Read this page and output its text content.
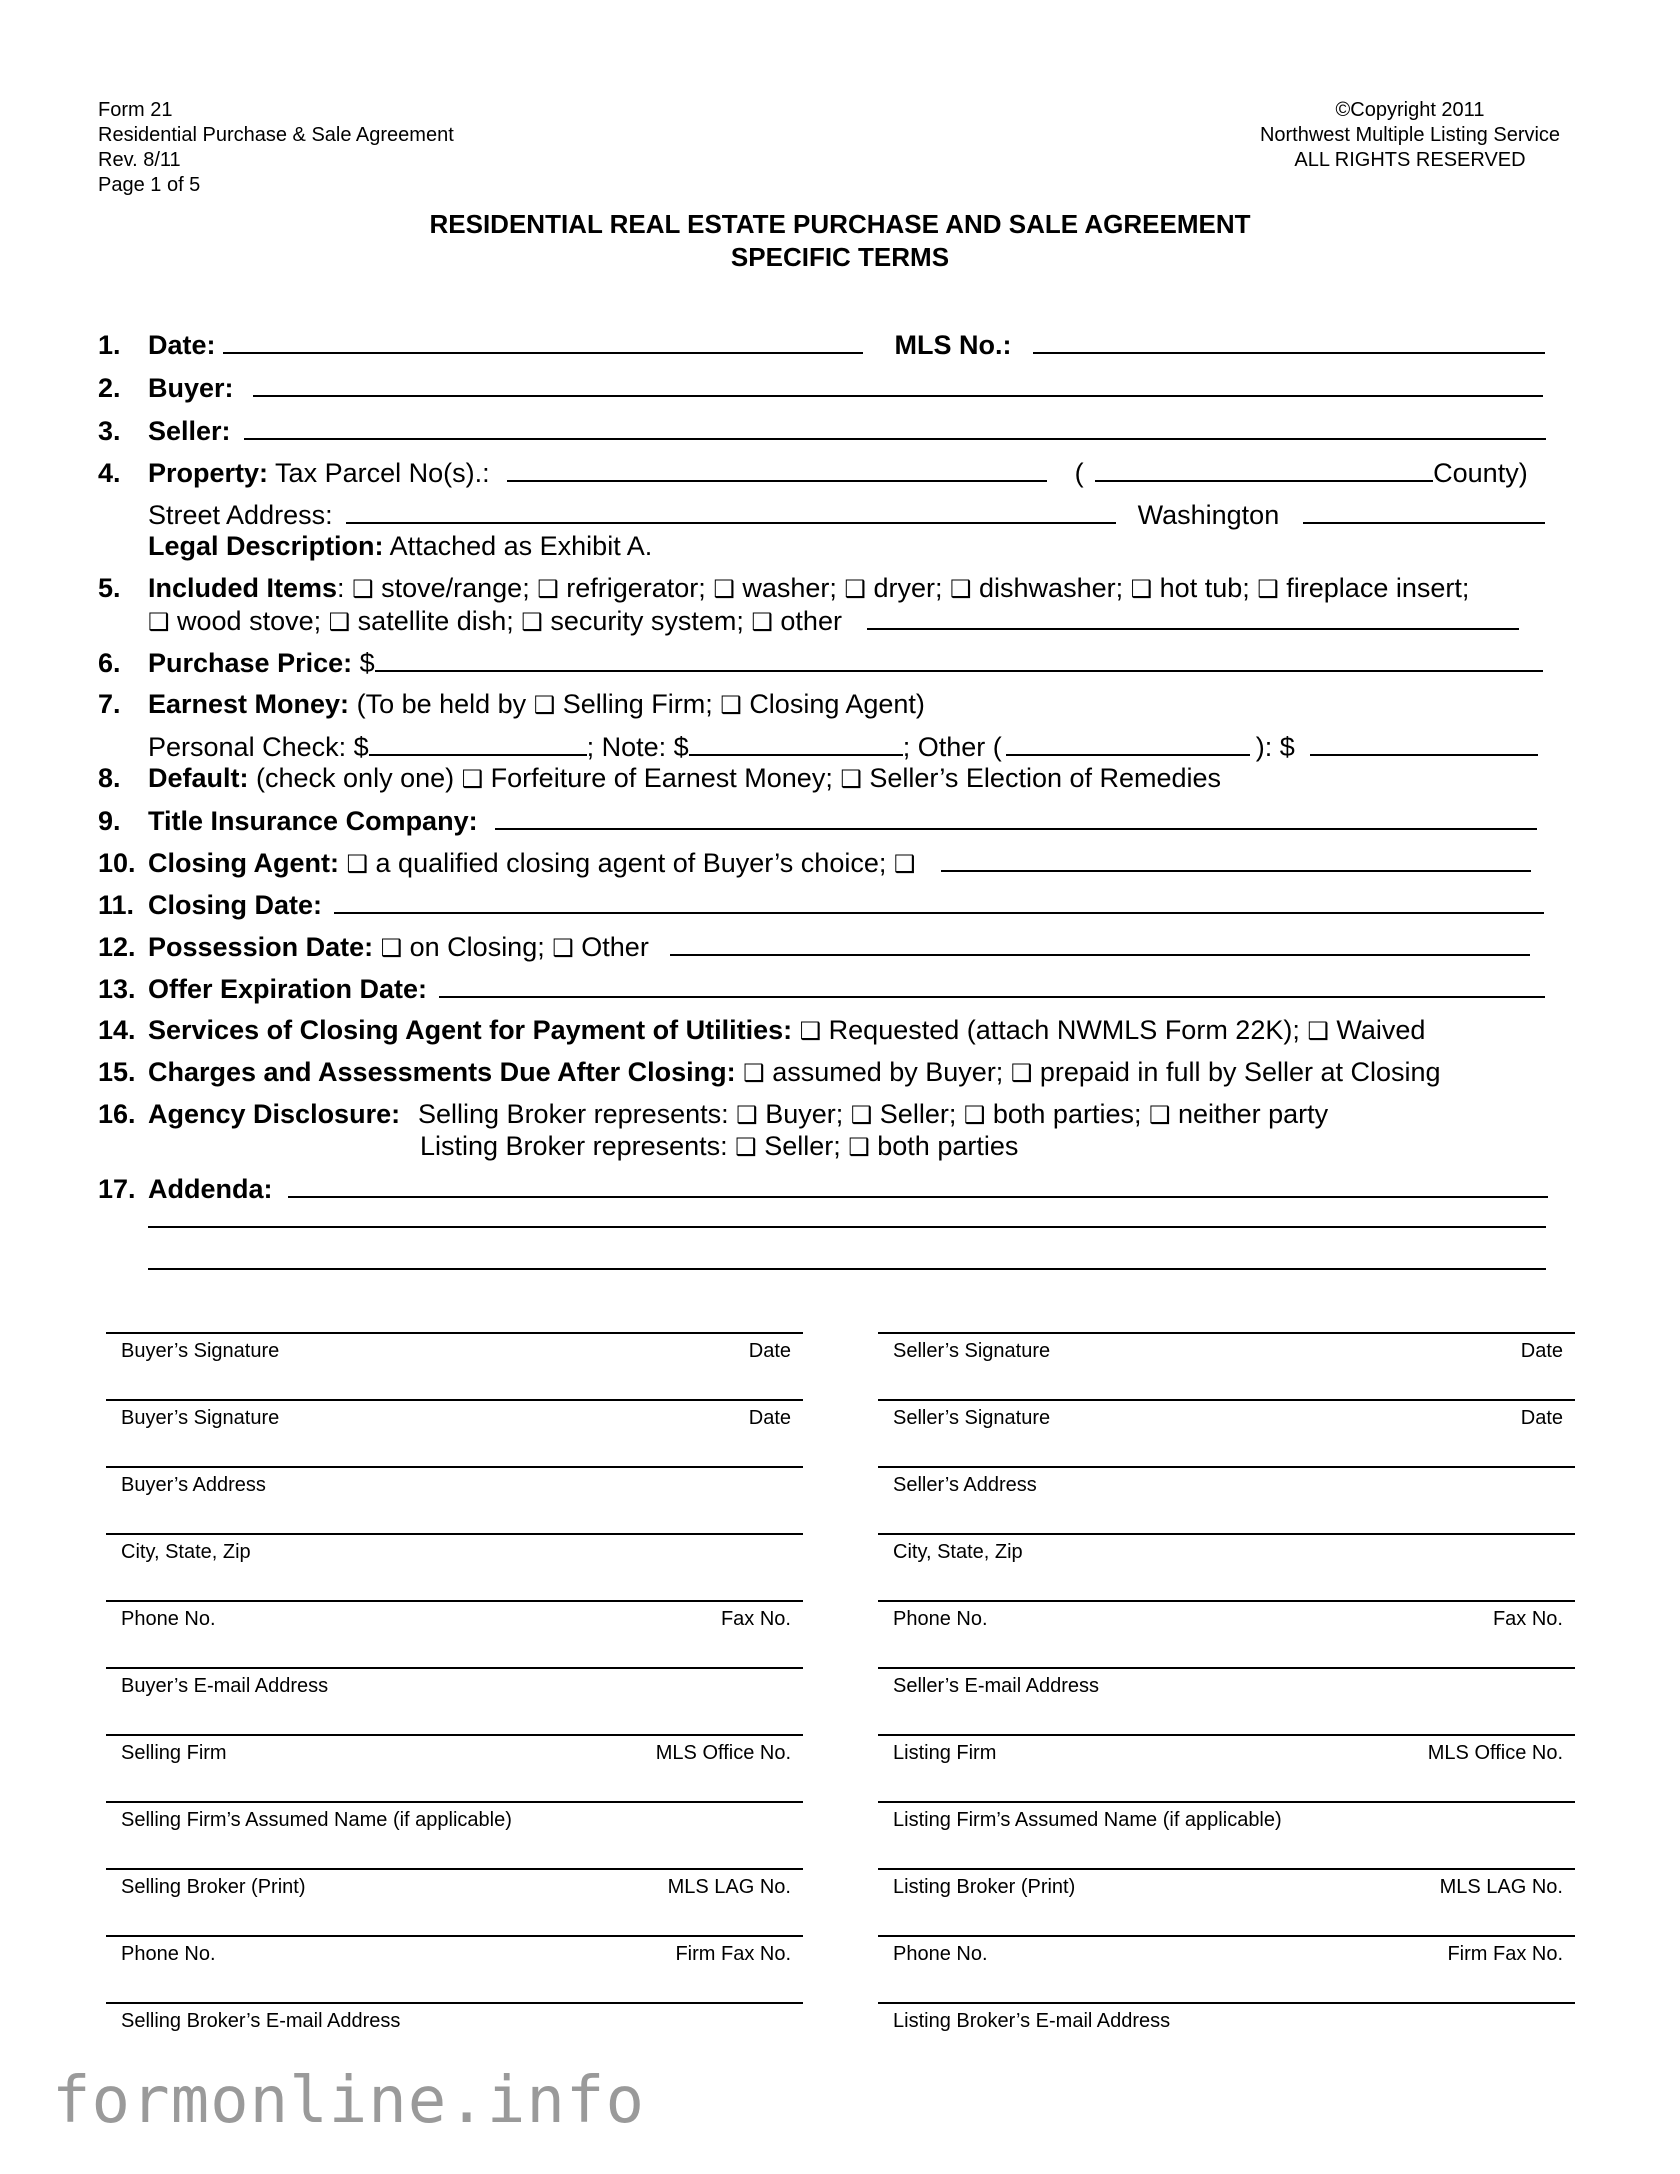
Form 21
Residential Purchase & Sale Agreement
Rev. 8/11
Page 1 of 5
©Copyright 2011
Northwest Multiple Listing Service
ALL RIGHTS RESERVED
RESIDENTIAL REAL ESTATE PURCHASE AND SALE AGREEMENT
SPECIFIC TERMS
1. Date:	MLS No.:
2. Buyer:
3. Seller:
4. Property: Tax Parcel No(s).:	(	County)
Street Address:	Washington
Legal Description: Attached as Exhibit A.
5. Included Items: ❑ stove/range; ❑ refrigerator; ❑ washer; ❑ dryer; ❑ dishwasher; ❑ hot tub; ❑ fireplace insert;
❑ wood stove; ❑ satellite dish; ❑ security system; ❑ other
6. Purchase Price: $
7. Earnest Money: (To be held by ❑ Selling Firm; ❑ Closing Agent)
Personal Check: $	; Note: $	; Other (	): $
8. Default: (check only one) ❑ Forfeiture of Earnest Money; ❑ Seller’s Election of Remedies
9. Title Insurance Company:
10. Closing Agent: ❑ a qualified closing agent of Buyer’s choice; ❑
11. Closing Date:
12. Possession Date: ❑ on Closing; ❑ Other
13. Offer Expiration Date:
14. Services of Closing Agent for Payment of Utilities: ❑ Requested (attach NWMLS Form 22K); ❑ Waived
15. Charges and Assessments Due After Closing: ❑ assumed by Buyer; ❑ prepaid in full by Seller at Closing
16. Agency Disclosure: Selling Broker represents: ❑ Buyer; ❑ Seller; ❑ both parties; ❑ neither party
Listing Broker represents: ❑ Seller; ❑ both parties
17. Addenda:
Buyer’s Signature	Date
Buyer’s Signature	Date
Buyer’s Address
City, State, Zip
Phone No.	Fax No.
Buyer’s E-mail Address
Selling Firm	MLS Office No.
Selling Firm’s Assumed Name (if applicable)
Selling Broker (Print)	MLS LAG No.
Phone No.	Firm Fax No.
Selling Broker’s E-mail Address
Seller’s Signature	Date
Seller’s Signature	Date
Seller’s Address
City, State, Zip
Phone No.	Fax No.
Seller’s E-mail Address
Listing Firm	MLS Office No.
Listing Firm’s Assumed Name (if applicable)
Listing Broker (Print)	MLS LAG No.
Phone No.	Firm Fax No.
Listing Broker’s E-mail Address
formonline.info
